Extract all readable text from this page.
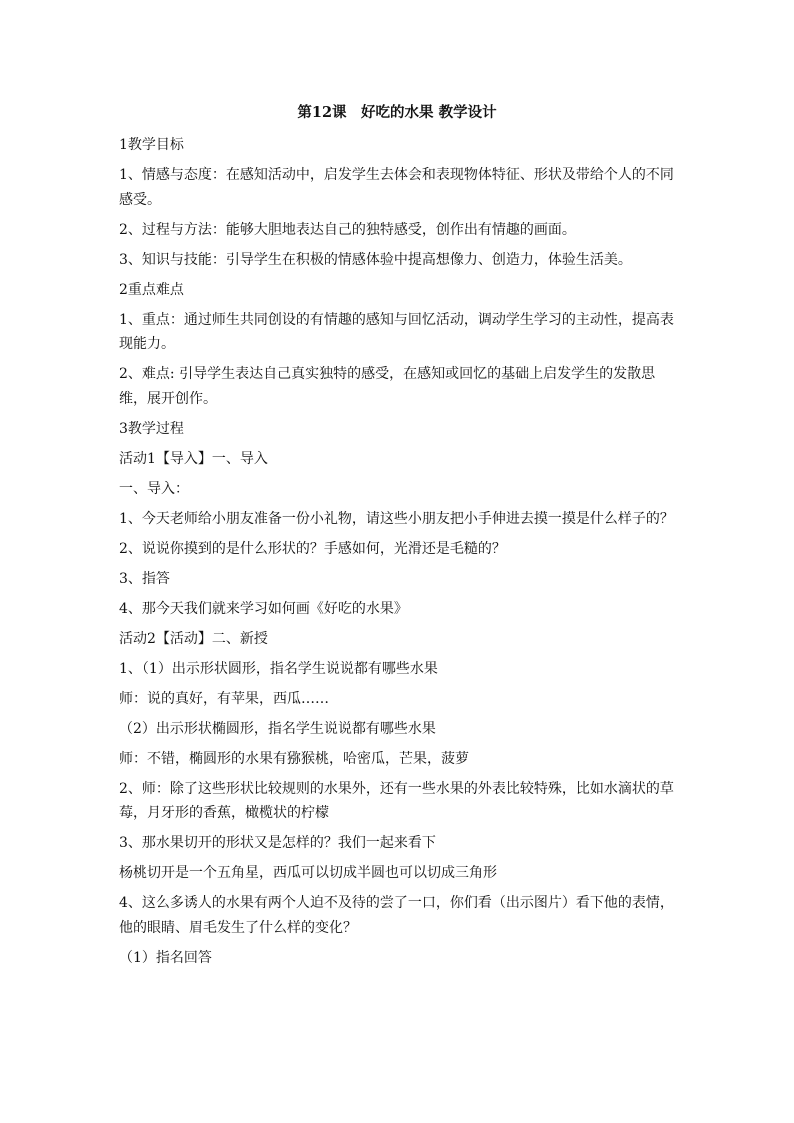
第12课　好吃的水果 教学设计

1教学目标

1、情感与态度：在感知活动中，启发学生去体会和表现物体特征、形状及带给个人的不同感受。

2、过程与方法：能够大胆地表达自己的独特感受，创作出有情趣的画面。

3、知识与技能：引导学生在积极的情感体验中提高想像力、创造力，体验生活美。

2重点难点

1、重点：通过师生共同创设的有情趣的感知与回忆活动，调动学生学习的主动性，提高表现能力。

2、难点: 引导学生表达自己真实独特的感受，在感知或回忆的基础上启发学生的发散思维，展开创作。

3教学过程

活动1【导入】一、导入

一、导入：

1、今天老师给小朋友准备一份小礼物，请这些小朋友把小手伸进去摸一摸是什么样子的？

2、说说你摸到的是什么形状的？手感如何，光滑还是毛糙的？

3、指答

4、那今天我们就来学习如何画《好吃的水果》

活动2【活动】二、新授

1、（1）出示形状圆形，指名学生说说都有哪些水果

师：说的真好，有苹果，西瓜……

（2）出示形状椭圆形，指名学生说说都有哪些水果

师：不错，椭圆形的水果有猕猴桃，哈密瓜，芒果，菠萝

2、师：除了这些形状比较规则的水果外，还有一些水果的外表比较特殊，比如水滴状的草莓，月牙形的香蕉，橄榄状的柠檬

3、那水果切开的形状又是怎样的？我们一起来看下

杨桃切开是一个五角星，西瓜可以切成半圆也可以切成三角形

4、这么多诱人的水果有两个人迫不及待的尝了一口，你们看（出示图片）看下他的表情，他的眼睛、眉毛发生了什么样的变化？

（1）指名回答
